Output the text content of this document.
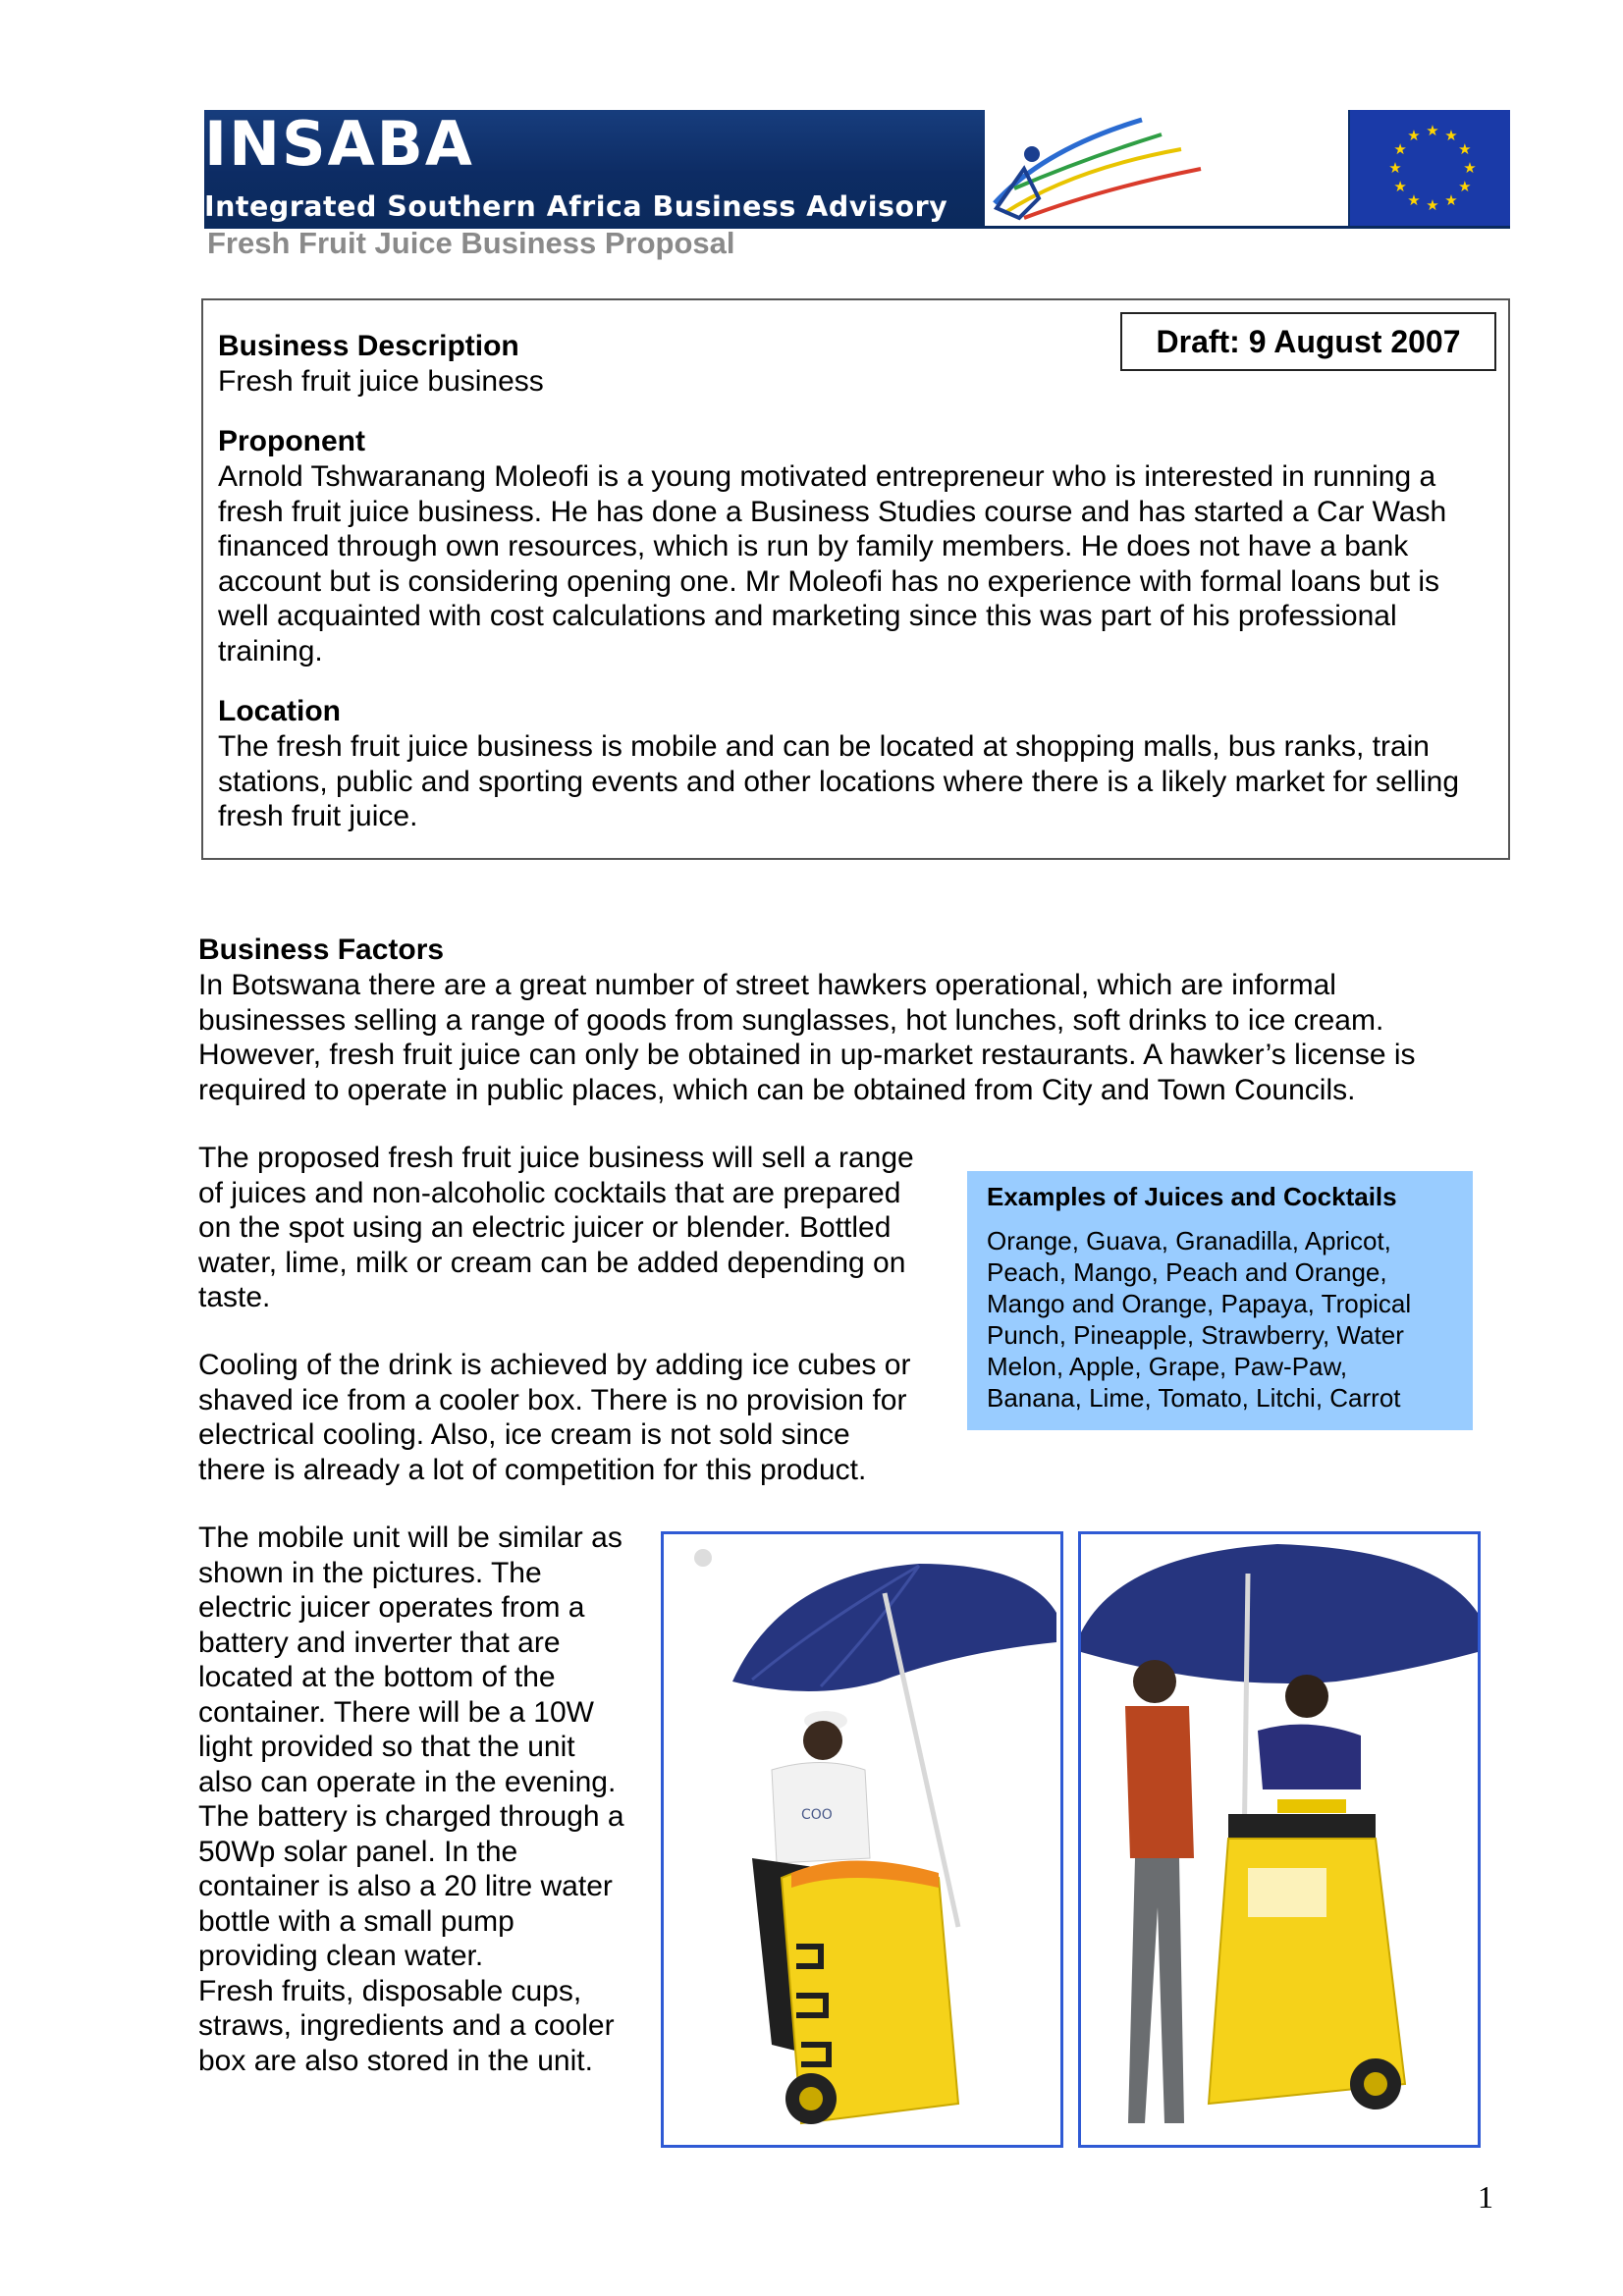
INSABA
Integrated Southern Africa Business Advisory
★ ★
★
★
★
★
★
★
★
★
★
★
Fresh Fruit Juice Business Proposal
Draft: 9 August 2007
Business Description
Fresh fruit juice business
Proponent
Arnold Tshwaranang Moleofi is a young motivated entrepreneur who is interested in running a
fresh fruit juice business. He has done a Business Studies course and has started a Car Wash
financed through own resources, which is run by family members. He does not have a bank
account but is considering opening one. Mr Moleofi has no experience with formal loans but is
well acquainted with cost calculations and marketing since this was part of his professional
training.
Location
The fresh fruit juice business is mobile and can be located at shopping malls, bus ranks, train
stations, public and sporting events and other locations where there is a likely market for selling
fresh fruit juice.
Business Factors
In Botswana there are a great number of street hawkers operational, which are informal
businesses selling a range of goods from sunglasses, hot lunches, soft drinks to ice cream.
However, fresh fruit juice can only be obtained in up-market restaurants. A hawker’s license is
required to operate in public places, which can be obtained from City and Town Councils.
The proposed fresh fruit juice business will sell a range
of juices and non-alcoholic cocktails that are prepared
on the spot using an electric juicer or blender. Bottled
water, lime, milk or cream can be added depending on
taste.
Cooling of the drink is achieved by adding ice cubes or
shaved ice from a cooler box. There is no provision for
electrical cooling. Also, ice cream is not sold since
there is already a lot of competition for this product.
The mobile unit will be similar as
shown in the pictures. The
electric juicer operates from a
battery and inverter that are
located at the bottom of the
container. There will be a 10W
light provided so that the unit
also can operate in the evening.
The battery is charged through a
50Wp solar panel. In the
container is also a 20 litre water
bottle with a small pump
providing clean water.
Fresh fruits, disposable cups,
straws, ingredients and a cooler
box are also stored in the unit.
Examples of Juices and Cocktails
Orange, Guava, Granadilla, Apricot,
Peach, Mango, Peach and Orange,
Mango and Orange, Papaya, Tropical
Punch, Pineapple, Strawberry, Water
Melon, Apple, Grape, Paw-Paw,
Banana, Lime, Tomato, Litchi, Carrot
COO
1
